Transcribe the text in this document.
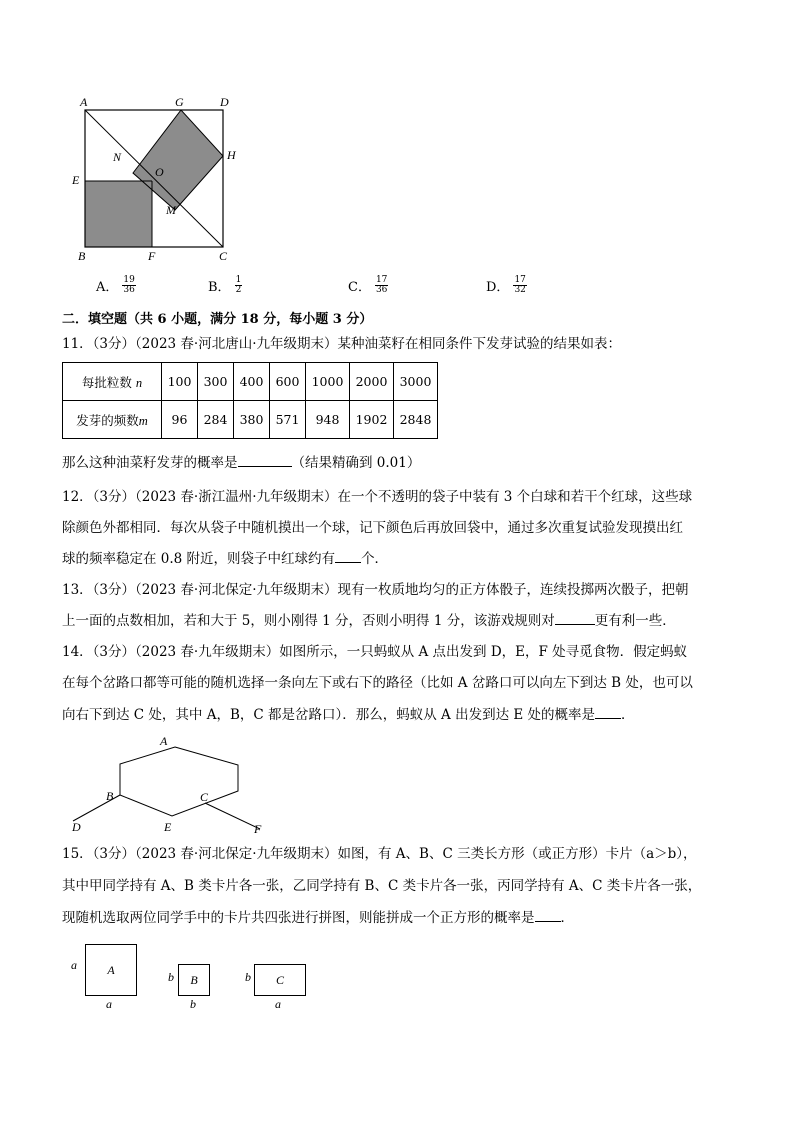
A	G	D
N	H
E
O
M
B	F	C
A． $\frac{19}{36}$	B． $\frac{1}{2}$	C． $\frac{17}{36}$	D． $\frac{17}{32}$
二．填空题（共 6 小题，满分 18 分，每小题 3 分）
11．（3分）（2023 春·河北唐山·九年级期末）某种油菜籽在相同条件下发芽试验的结果如表：
每批粒数 n	100	300	400	600	1000	2000	3000
发芽的频数m	96	284	380	571	948	1902	2848
那么这种油菜籽发芽的概率是	（结果精确到 0.01）
12．（3分）（2023 春·浙江温州·九年级期末）在一个不透明的袋子中装有 3 个白球和若干个红球，这些球
除颜色外都相同．每次从袋子中随机摸出一个球，记下颜色后再放回袋中，通过多次重复试验发现摸出红
球的频率稳定在 0.8 附近，则袋子中红球约有 个．
13．（3分）（2023 春·河北保定·九年级期末）现有一枚质地均匀的正方体骰子，连续投掷两次骰子，把朝
上一面的点数相加，若和大于 5，则小刚得 1 分，否则小明得 1 分，该游戏规则对	更有利一些．
14．（3分）（2023 春·九年级期末）如图所示，一只蚂蚁从 A 点出发到 D，E，F 处寻觅食物．假定蚂蚁
在每个岔路口都等可能的随机选择一条向左下或右下的路径（比如 A 岔路口可以向左下到达 B 处，也可以
向右下到达 C 处，其中 A，B，C 都是岔路口）．那么，蚂蚁从 A 出发到达 E 处的概率是 ．
A
B	C
D	E	F
15．（3分）（2023 春·河北保定·九年级期末）如图，有 A、B、C 三类长方形（或正方形）卡片（a＞b），
其中甲同学持有 A、B 类卡片各一张，乙同学持有 B、C 类卡片各一张，丙同学持有 A、C 类卡片各一张，
现随机选取两位同学手中的卡片共四张进行拼图，则能拼成一个正方形的概率是 ．
A
a
a
B
b
b
C
b
a
